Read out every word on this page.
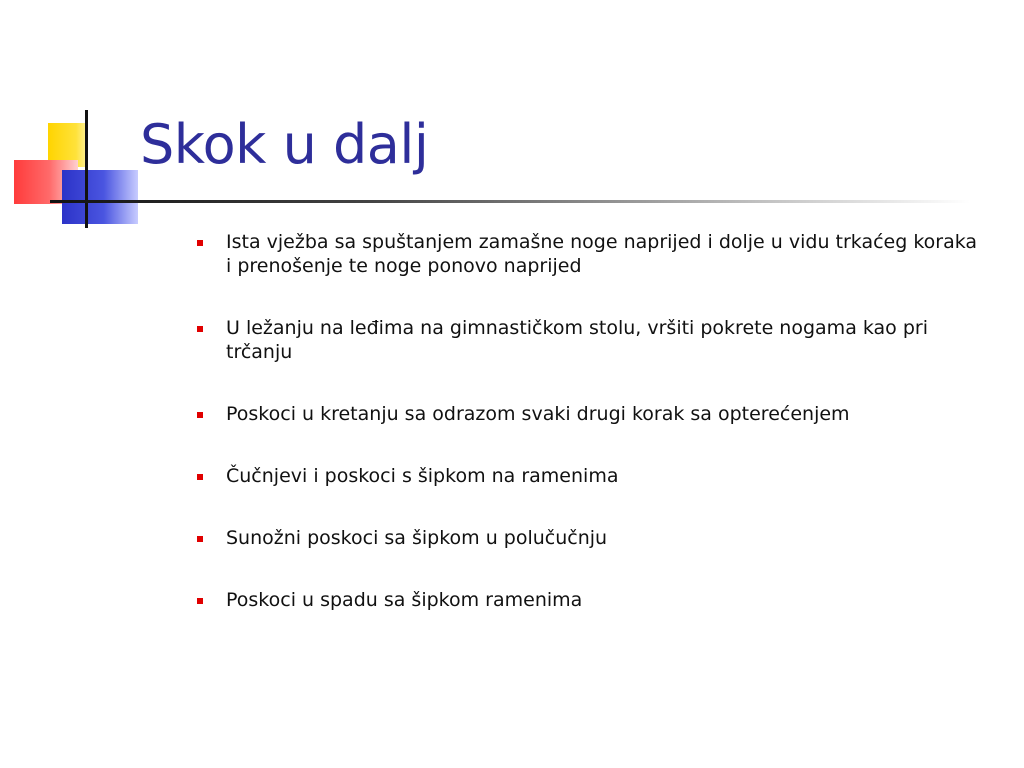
Skok u dalj
Ista vježba sa spuštanjem zamašne noge naprijed i dolje u vidu trkaćeg koraka i prenošenje te noge ponovo naprijed
U ležanju na leđima na gimnastičkom stolu, vršiti pokrete nogama kao pri trčanju
Poskoci u kretanju sa odrazom svaki drugi korak sa opterećenjem
Čučnjevi i poskoci s šipkom na ramenima
Sunožni poskoci sa šipkom u polučučnju
Poskoci u spadu sa šipkom ramenima
